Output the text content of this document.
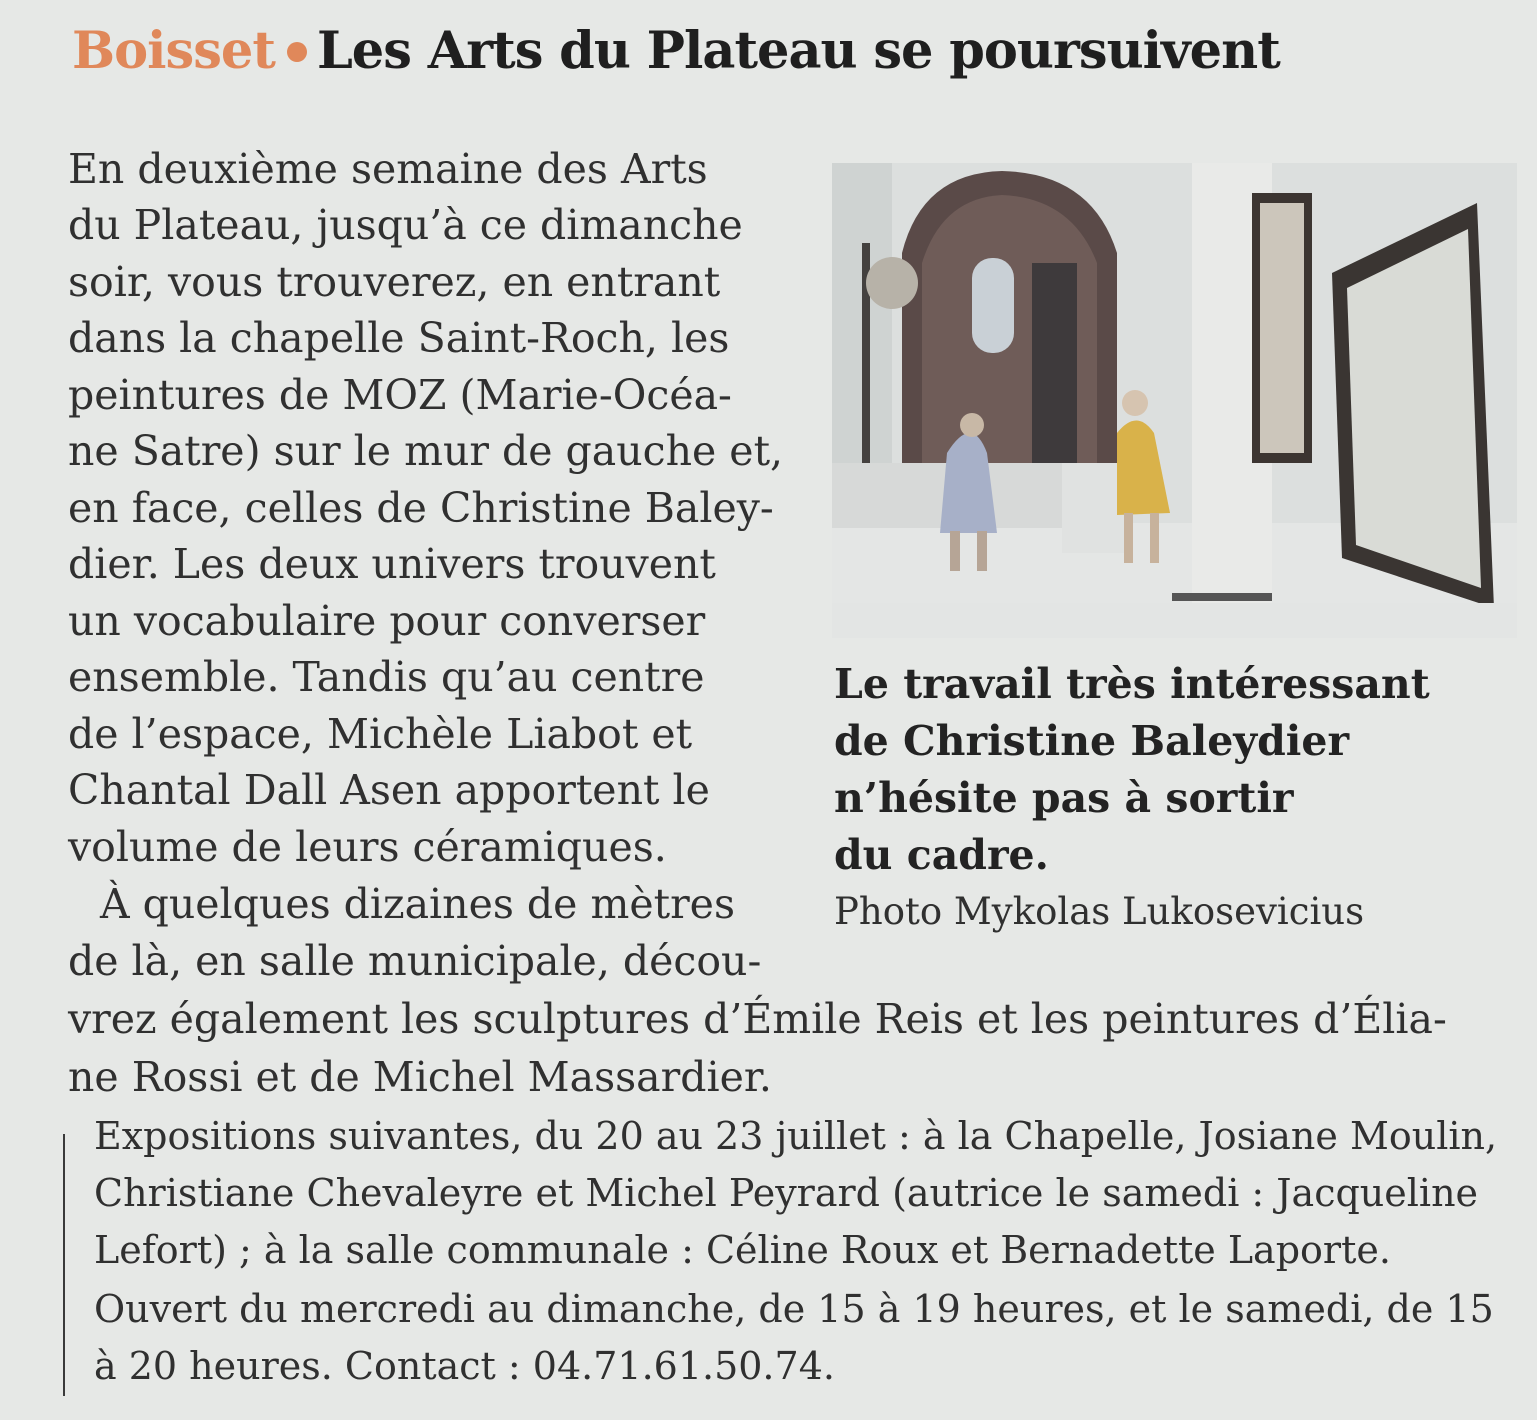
Boisset Les Arts du Plateau se poursuivent
En deuxième semaine des Arts
du Plateau, jusqu’à ce dimanche
soir, vous trouverez, en entrant
dans la chapelle Saint-Roch, les
peintures de MOZ (Marie-Océa-
ne Satre) sur le mur de gauche et,
en face, celles de Christine Baley-
dier. Les deux univers trouvent
un vocabulaire pour converser
ensemble. Tandis qu’au centre
de l’espace, Michèle Liabot et
Chantal Dall Asen apportent le
volume de leurs céramiques.
À quelques dizaines de mètres
de là, en salle municipale, décou-
vrez également les sculptures d’Émile Reis et les peintures d’Élia-
ne Rossi et de Michel Massardier.
Le travail très intéressant
de Christine Baleydier
n’hésite pas à sortir
du cadre.
Photo Mykolas Lukosevicius
Expositions suivantes, du 20 au 23 juillet : à la Chapelle, Josiane Moulin,
Christiane Chevaleyre et Michel Peyrard (autrice le samedi : Jacqueline
Lefort) ; à la salle communale : Céline Roux et Bernadette Laporte.
Ouvert du mercredi au dimanche, de 15 à 19 heures, et le samedi, de 15
à 20 heures. Contact : 04.71.61.50.74.
